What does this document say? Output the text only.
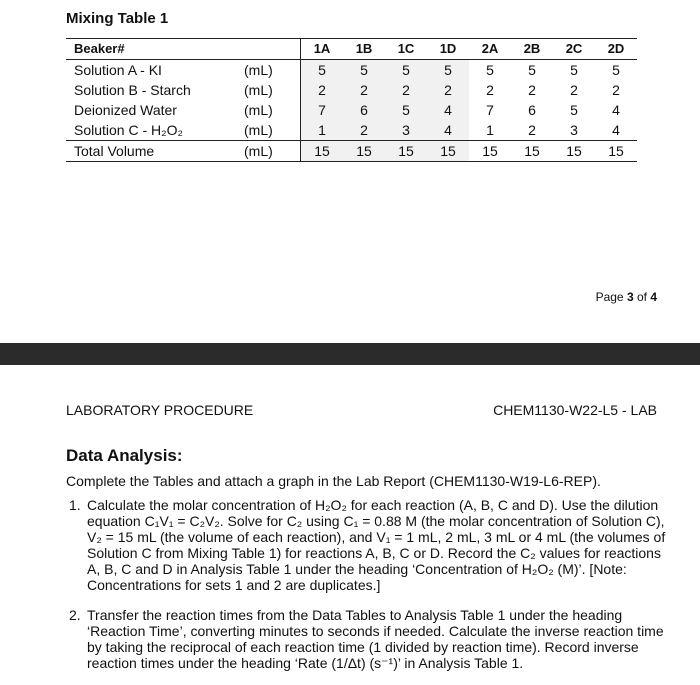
Mixing Table 1
Beaker#		1A	1B	1C	1D	2A	2B	2C	2D
Solution A - KI	(mL)	5	5	5	5	5	5	5	5
Solution B - Starch	(mL)	2	2	2	2	2	2	2	2
Deionized Water	(mL)	7	6	5	4	7	6	5	4
Solution C - H₂O₂	(mL)	1	2	3	4	1	2	3	4
Total Volume	(mL)	15	15	15	15	15	15	15	15
Page 3 of 4
LABORATORY PROCEDURE	CHEM1130-W22-L5 - LAB
Data Analysis:
Complete the Tables and attach a graph in the Lab Report (CHEM1130-W19-L6-REP).
1. Calculate the molar concentration of H₂O₂ for each reaction (A, B, C and D). Use the dilution equation C₁V₁ = C₂V₂. Solve for C₂ using C₁ = 0.88 M (the molar concentration of Solution C), V₂ = 15 mL (the volume of each reaction), and V₁ = 1 mL, 2 mL, 3 mL or 4 mL (the volumes of Solution C from Mixing Table 1) for reactions A, B, C or D. Record the C₂ values for reactions A, B, C and D in Analysis Table 1 under the heading ‘Concentration of H₂O₂ (M)’. [Note: Concentrations for sets 1 and 2 are duplicates.]
2. Transfer the reaction times from the Data Tables to Analysis Table 1 under the heading ‘Reaction Time’, converting minutes to seconds if needed. Calculate the inverse reaction time by taking the reciprocal of each reaction time (1 divided by reaction time). Record inverse reaction times under the heading ‘Rate (1/Δt) (s⁻¹)’ in Analysis Table 1.
